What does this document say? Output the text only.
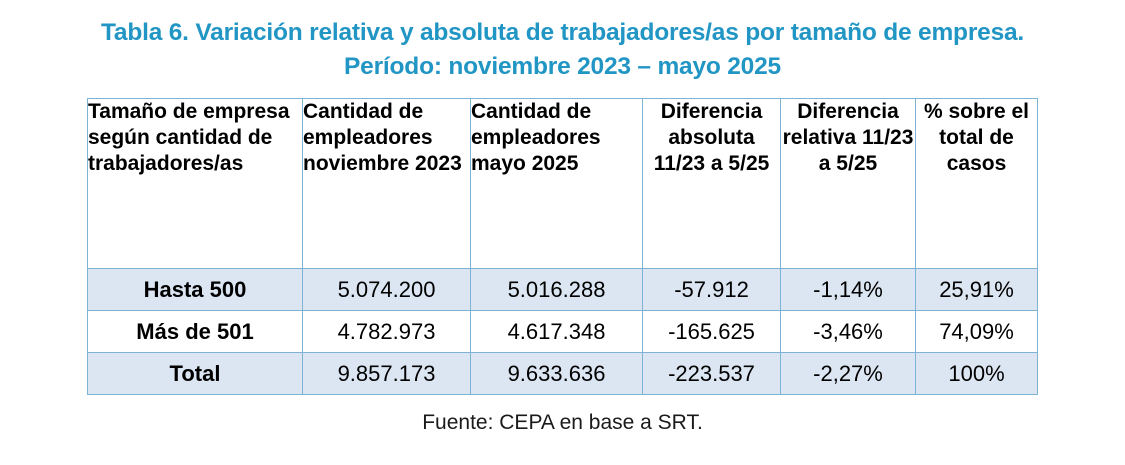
Tabla 6. Variación relativa y absoluta de trabajadores/as por tamaño de empresa.
Período: noviembre 2023 – mayo 2025
Tamaño de empresa según cantidad de trabajadores/as	Cantidad de empleadores noviembre 2023	Cantidad de empleadores mayo 2025	Diferencia absoluta 11/23 a 5/25	Diferencia relativa 11/23 a 5/25	% sobre el total de casos
Hasta 500	5.074.200	5.016.288	-57.912	-1,14%	25,91%
Más de 501	4.782.973	4.617.348	-165.625	-3,46%	74,09%
Total	9.857.173	9.633.636	-223.537	-2,27%	100%
Fuente: CEPA en base a SRT.
